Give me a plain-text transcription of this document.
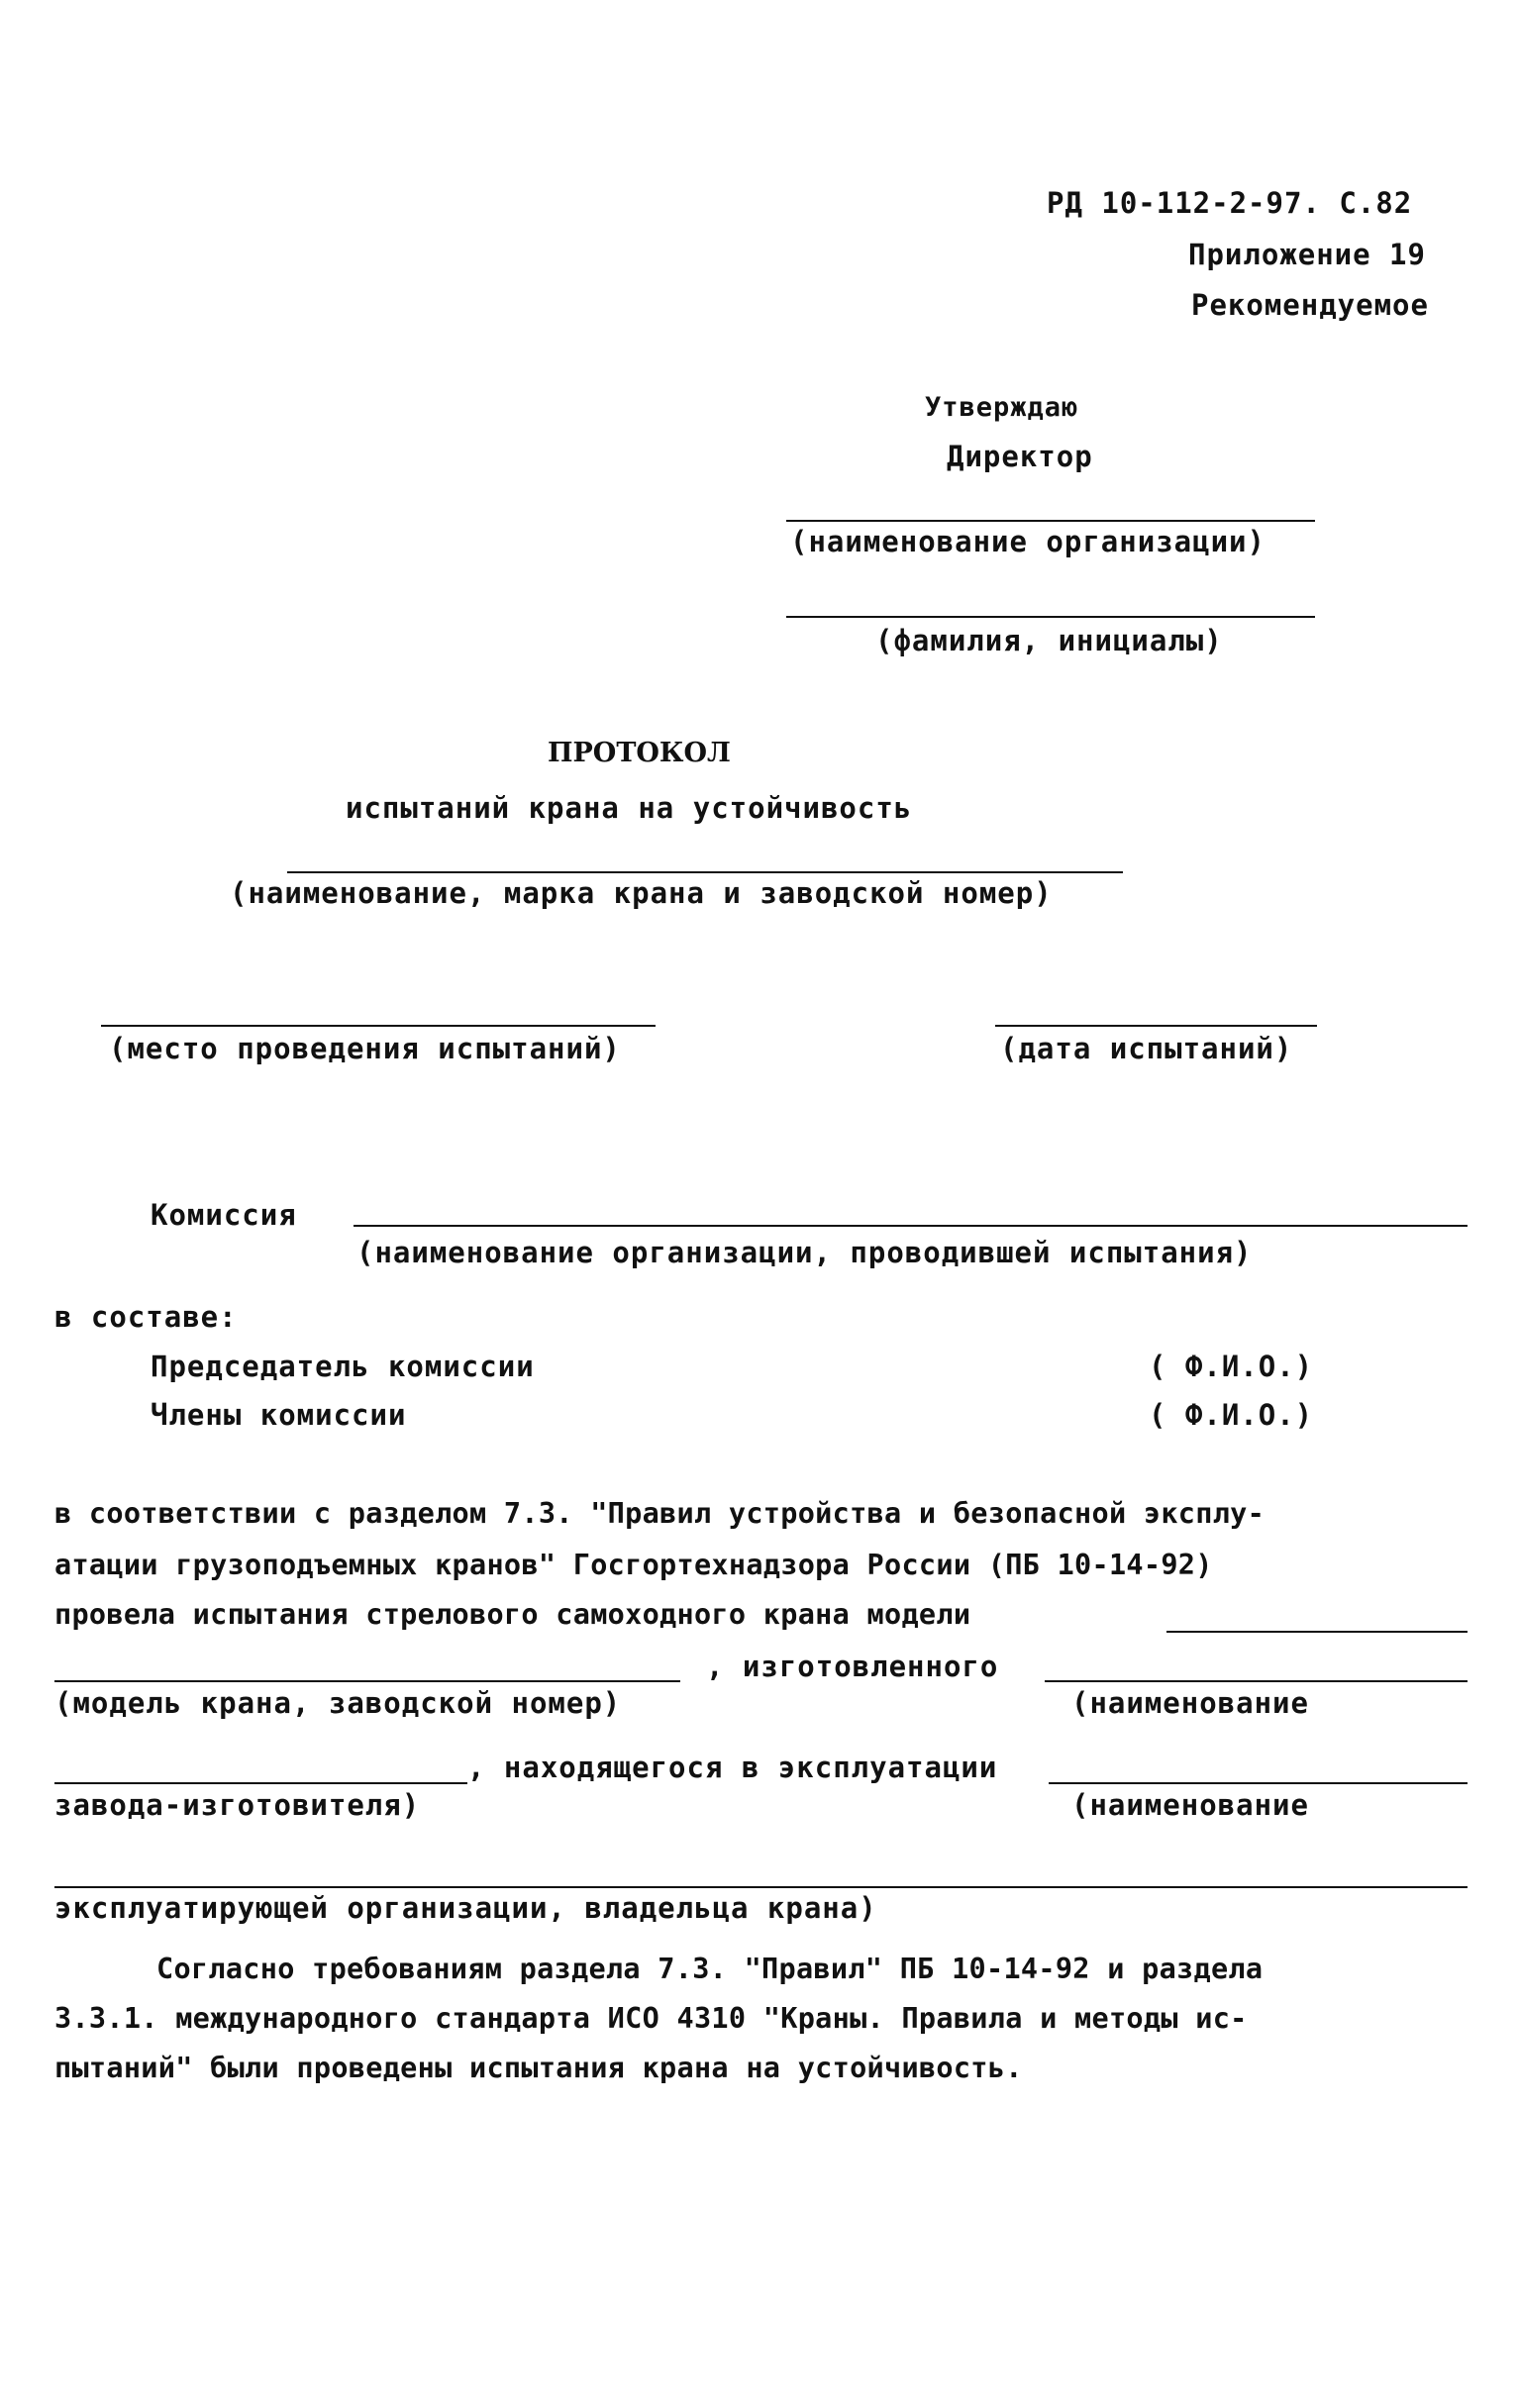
РД 10-112-2-97. С.82
Приложение 19
Рекомендуемое
Утверждаю
Директор
(наименование организации)
(фамилия, инициалы)
ПРОТОКОЛ
испытаний крана на устойчивость
(наименование, марка крана и заводской номер)
(место проведения испытаний)	(дата испытаний)
Комиссия
(наименование организации, проводившей испытания)
в составе:
Председатель комиссии	( Ф.И.О.)
Члены комиссии	( Ф.И.О.)
в соответствии с разделом 7.3. "Правил устройства и безопасной эксплу-
атации грузоподъемных кранов" Госгортехнадзора России (ПБ 10-14-92)
провела испытания стрелового самоходного крана модели
, изготовленного
(модель крана, заводской номер)	(наименование
, находящегося в эксплуатации
завода-изготовителя)	(наименование
эксплуатирующей организации, владельца крана)
Согласно требованиям раздела 7.3. "Правил" ПБ 10-14-92 и раздела
3.3.1. международного стандарта ИСО 4310 "Краны. Правила и методы ис-
пытаний" были проведены испытания крана на устойчивость.
